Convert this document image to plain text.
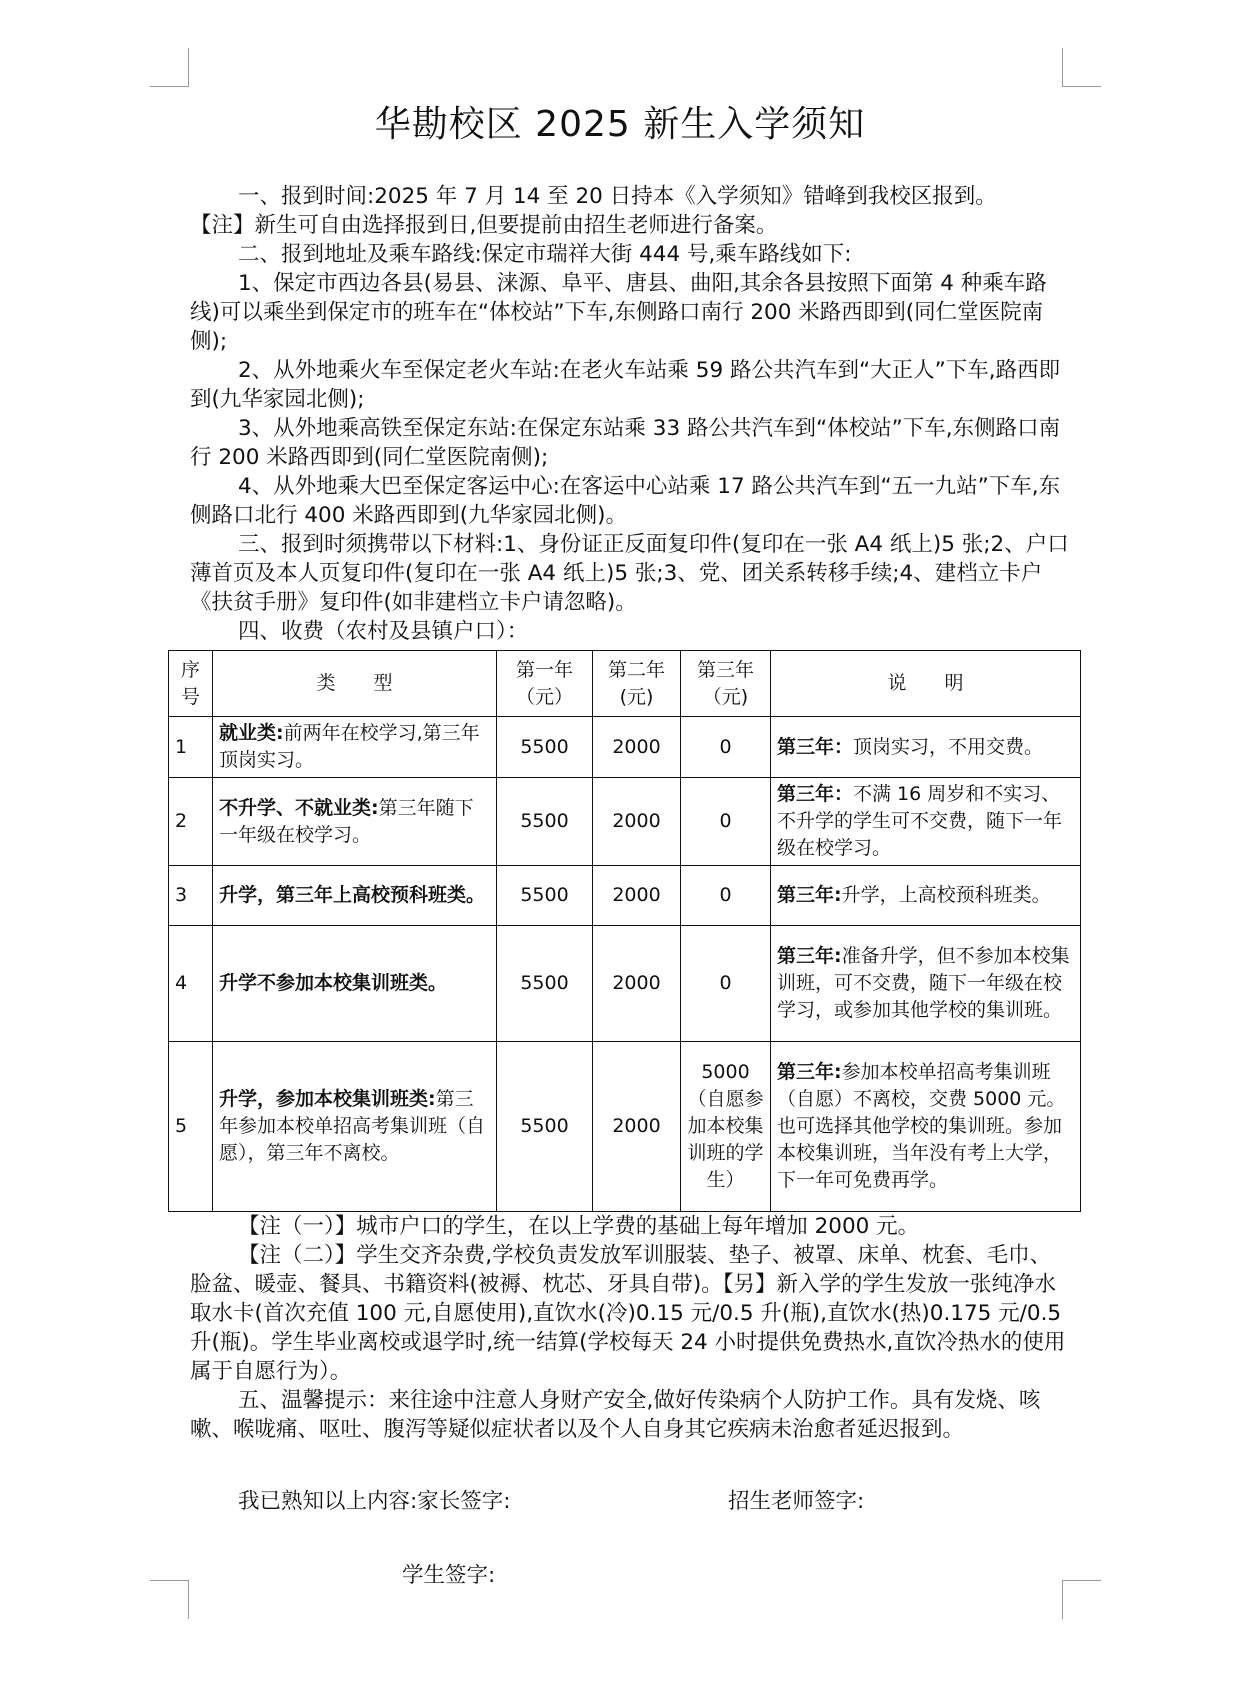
华勘校区 2025 新生入学须知

一、报到时间:2025 年 7 月 14 至 20 日持本《入学须知》错峰到我校区报到。

【注】新生可自由选择报到日,但要提前由招生老师进行备案。

二、报到地址及乘车路线:保定市瑞祥大街 444 号,乘车路线如下:

1、保定市西边各县(易县、涞源、阜平、唐县、曲阳,其余各县按照下面第 4 种乘车路线)可以乘坐到保定市的班车在“体校站”下车,东侧路口南行 200 米路西即到(同仁堂医院南侧);

2、从外地乘火车至保定老火车站:在老火车站乘 59 路公共汽车到“大正人”下车,路西即到(九华家园北侧);

3、从外地乘高铁至保定东站:在保定东站乘 33 路公共汽车到“体校站”下车,东侧路口南行 200 米路西即到(同仁堂医院南侧);

4、从外地乘大巴至保定客运中心:在客运中心站乘 17 路公共汽车到“五一九站”下车,东侧路口北行 400 米路西即到(九华家园北侧)。

三、报到时须携带以下材料:1、身份证正反面复印件(复印在一张 A4 纸上)5 张;2、户口薄首页及本人页复印件(复印在一张 A4 纸上)5 张;3、党、团关系转移手续;4、建档立卡户《扶贫手册》复印件(如非建档立卡户请忽略)。

四、收费（农村及县镇户口）：

序号	类　　型	第一年（元）	第二年(元)	第三年（元)	说　　明
1	就业类:前两年在校学习,第三年顶岗实习。	5500	2000	0	第三年：顶岗实习，不用交费。
2	不升学、不就业类:第三年随下一年级在校学习。	5500	2000	0	第三年：不满 16 周岁和不实习、不升学的学生可不交费，随下一年级在校学习。
3	升学，第三年上高校预科班类。	5500	2000	0	第三年:升学，上高校预科班类。
4	升学不参加本校集训班类。	5500	2000	0	第三年:准备升学，但不参加本校集训班，可不交费，随下一年级在校学习，或参加其他学校的集训班。
5	升学，参加本校集训班类:第三年参加本校单招高考集训班（自愿），第三年不离校。	5500	2000	5000（自愿参加本校集训班的学生）	第三年:参加本校单招高考集训班（自愿）不离校，交费 5000 元。也可选择其他学校的集训班。参加本校集训班，当年没有考上大学，下一年可免费再学。

【注（一）】城市户口的学生，在以上学费的基础上每年增加 2000 元。

【注（二）】学生交齐杂费,学校负责发放军训服装、垫子、被罩、床单、枕套、毛巾、脸盆、暖壶、餐具、书籍资料(被褥、枕芯、牙具自带)。【另】新入学的学生发放一张纯净水取水卡(首次充值 100 元,自愿使用),直饮水(冷)0.15 元/0.5 升(瓶),直饮水(热)0.175 元/0.5 升(瓶)。学生毕业离校或退学时,统一结算(学校每天 24 小时提供免费热水,直饮冷热水的使用属于自愿行为）。

五、温馨提示：来往途中注意人身财产安全,做好传染病个人防护工作。具有发烧、咳嗽、喉咙痛、呕吐、腹泻等疑似症状者以及个人自身其它疾病未治愈者延迟报到。

我已熟知以上内容:家长签字:	招生老师签字:
学生签字:
